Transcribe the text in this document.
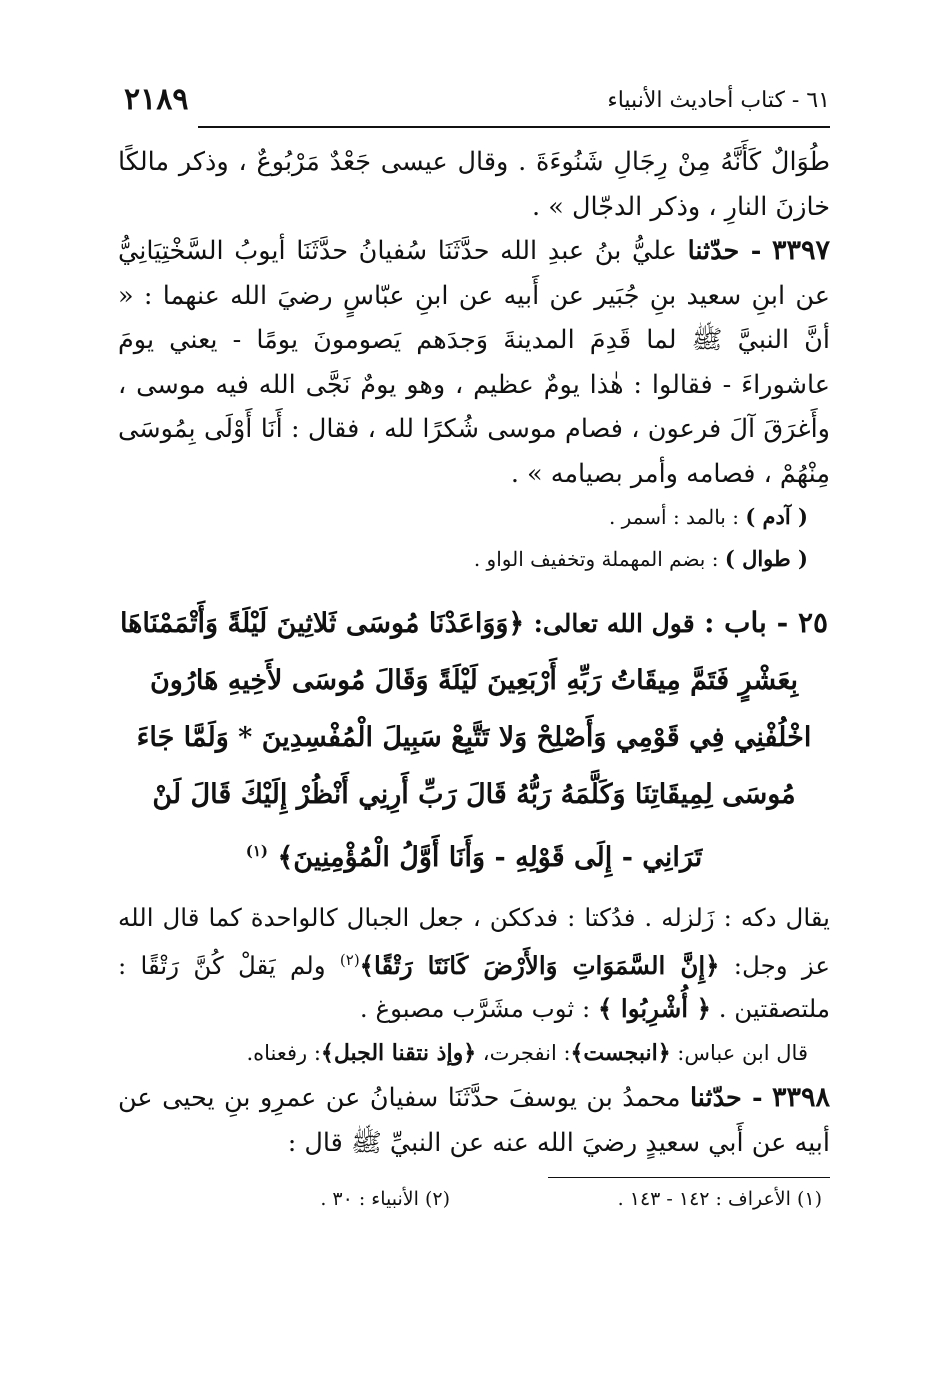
٢١٨٩	٦١ - كتاب أحاديث الأنبياء

طُوَالٌ كَأَنَّهُ مِنْ رِجَالِ شَنُوءَةَ . وقال عيسى جَعْدٌ مَرْبُوعٌ ، وذكر مالكًا خازنَ النارِ ، وذكر الدجّال » .

٣٣٩٧ - حدّثنا عليُّ بنُ عبدِ الله حدَّثَنَا سُفيانُ حدَّثَنَا أيوبُ السَّخْتِيَانِيُّ عن ابنِ سعيد بنِ جُبَير عن أَبيه عن ابنِ عبّاسٍ رضيَ الله عنهما : « أنَّ النبيَّ ﷺ لما قَدِمَ المدينةَ وَجدَهم يَصومونَ يومًا - يعني يومَ عاشوراءَ - فقالوا : هٰذا يومٌ عظيم ، وهو يومٌ نَجَّى الله فيه موسى ، وأَغرَقَ آلَ فرعون ، فصام موسى شُكرًا لله ، فقال : أَنَا أَوْلَى بِمُوسَى مِنْهُمْ ، فصامه وأمر بصيامه » .

( آدم ) : بالمد : أسمر .

( طوال ) : بضم المهملة وتخفيف الواو .

٢٥ - باب : قول الله تعالى: ﴿وَوَاعَدْنَا مُوسَى ثَلاثِينَ لَيْلَةً وَأَتْمَمْنَاهَا بِعَشْرٍ فَتَمَّ مِيقَاتُ رَبِّهِ أَرْبَعِينَ لَيْلَةً وَقَالَ مُوسَى لأَخِيهِ هَارُونَ اخْلُفْنِي فِي قَوْمِي وَأَصْلِحْ وَلا تَتَّبِعْ سَبِيلَ الْمُفْسِدِينَ * وَلَمَّا جَاءَ مُوسَى لِمِيقَاتِنَا وَكَلَّمَهُ رَبُّهُ قَالَ رَبِّ أَرِنِي أَنْظُرْ إِلَيْكَ قَالَ لَنْ تَرَانِي - إِلَى قَوْلِهِ - وَأَنَا أَوَّلُ الْمُؤْمِنِينَ﴾ $^{(١)}$

يقال دكه : زَلزله . فدُكتا : فدككن ، جعل الجبال كالواحدة كما قال الله عز وجل: ﴿إِنَّ السَّمَوَاتِ وَالأَرْضَ كَانَتَا رَتْقًا﴾$^{(٢)}$ ولم يَقلْ كُنَّ رَتْقًا : ملتصقتين . ﴿ أُشْرِبُوا ﴾ : ثوب مشَرَّب مصبوغ .

قال ابن عباس: ﴿انبجست﴾: انفجرت، ﴿وإذ نتقنا الجبل﴾: رفعناه.

٣٣٩٨ - حدّثنا محمدُ بن يوسفَ حدَّثَنَا سفيانُ عن عمرِو بنِ يحيى عن أبيه عن أَبي سعيدٍ رضيَ الله عنه عن النبيِّ ﷺ قال :

(١) الأعراف : ١٤٢ - ١٤٣ .
(٢) الأنبياء : ٣٠ .
